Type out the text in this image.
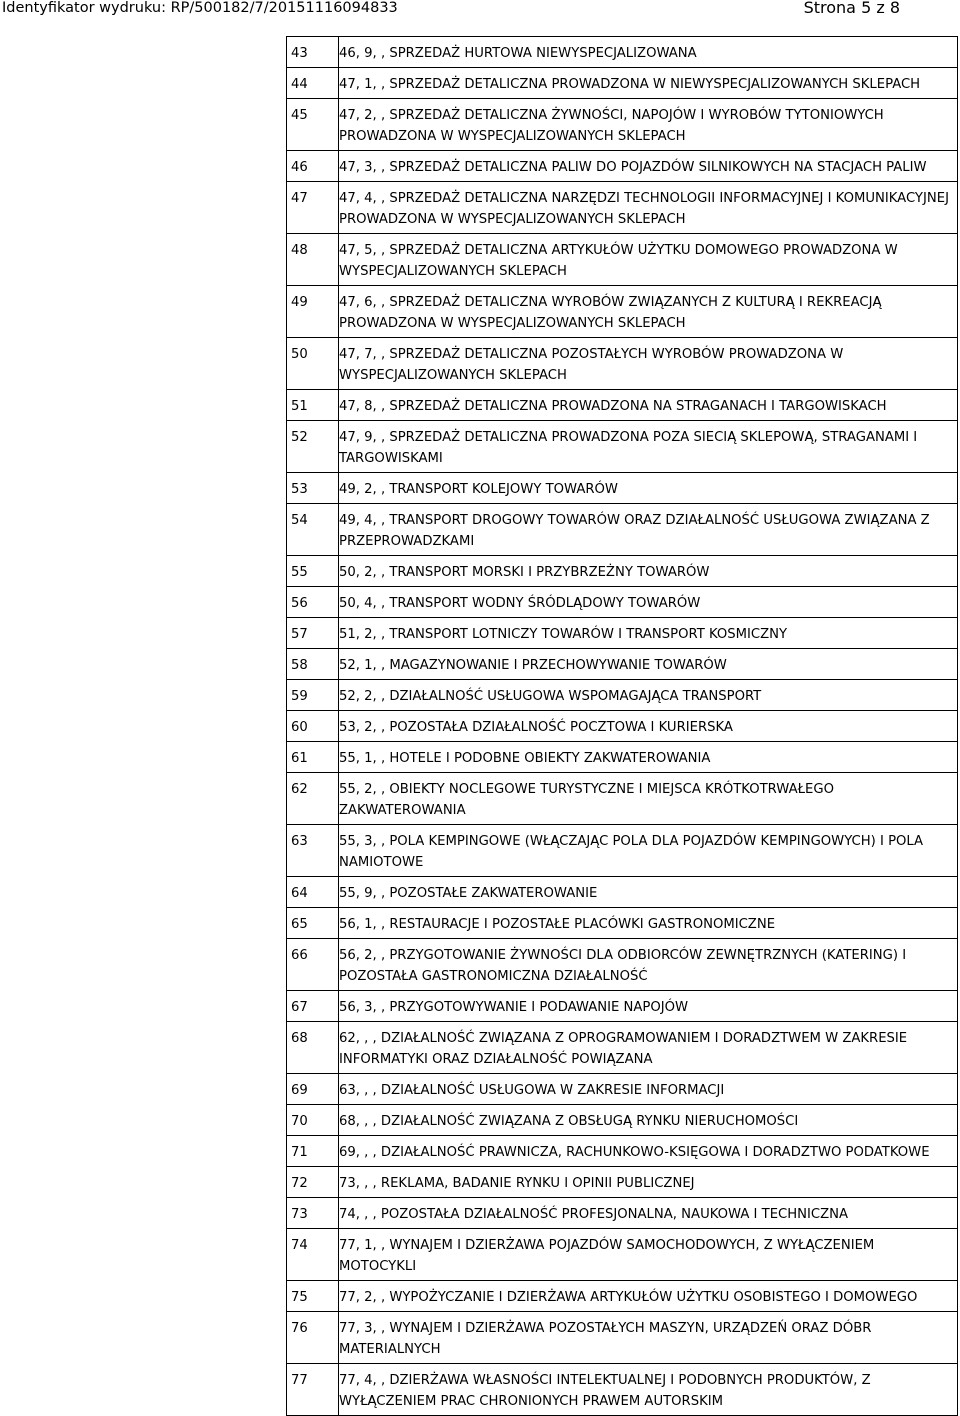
Identyfikator wydruku: RP/500182/7/20151116094833	Strona 5 z 8
43	46, 9, , SPRZEDAŻ HURTOWA NIEWYSPECJALIZOWANA
44	47, 1, , SPRZEDAŻ DETALICZNA PROWADZONA W NIEWYSPECJALIZOWANYCH SKLEPACH
45	47, 2, , SPRZEDAŻ DETALICZNA ŻYWNOŚCI, NAPOJÓW I WYROBÓW TYTONIOWYCH PROWADZONA W WYSPECJALIZOWANYCH SKLEPACH
46	47, 3, , SPRZEDAŻ DETALICZNA PALIW DO POJAZDÓW SILNIKOWYCH NA STACJACH PALIW
47	47, 4, , SPRZEDAŻ DETALICZNA NARZĘDZI TECHNOLOGII INFORMACYJNEJ I KOMUNIKACYJNEJ PROWADZONA W WYSPECJALIZOWANYCH SKLEPACH
48	47, 5, , SPRZEDAŻ DETALICZNA ARTYKUŁÓW UŻYTKU DOMOWEGO PROWADZONA W WYSPECJALIZOWANYCH SKLEPACH
49	47, 6, , SPRZEDAŻ DETALICZNA WYROBÓW ZWIĄZANYCH Z KULTURĄ I REKREACJĄ PROWADZONA W WYSPECJALIZOWANYCH SKLEPACH
50	47, 7, , SPRZEDAŻ DETALICZNA POZOSTAŁYCH WYROBÓW PROWADZONA W WYSPECJALIZOWANYCH SKLEPACH
51	47, 8, , SPRZEDAŻ DETALICZNA PROWADZONA NA STRAGANACH I TARGOWISKACH
52	47, 9, , SPRZEDAŻ DETALICZNA PROWADZONA POZA SIECIĄ SKLEPOWĄ, STRAGANAMI I TARGOWISKAMI
53	49, 2, , TRANSPORT KOLEJOWY TOWARÓW
54	49, 4, , TRANSPORT DROGOWY TOWARÓW ORAZ DZIAŁALNOŚĆ USŁUGOWA ZWIĄZANA Z PRZEPROWADZKAMI
55	50, 2, , TRANSPORT MORSKI I PRZYBRZEŻNY TOWARÓW
56	50, 4, , TRANSPORT WODNY ŚRÓDLĄDOWY TOWARÓW
57	51, 2, , TRANSPORT LOTNICZY TOWARÓW I TRANSPORT KOSMICZNY
58	52, 1, , MAGAZYNOWANIE I PRZECHOWYWANIE TOWARÓW
59	52, 2, , DZIAŁALNOŚĆ USŁUGOWA WSPOMAGAJĄCA TRANSPORT
60	53, 2, , POZOSTAŁA DZIAŁALNOŚĆ POCZTOWA I KURIERSKA
61	55, 1, , HOTELE I PODOBNE OBIEKTY ZAKWATEROWANIA
62	55, 2, , OBIEKTY NOCLEGOWE TURYSTYCZNE I MIEJSCA KRÓTKOTRWAŁEGO ZAKWATEROWANIA
63	55, 3, , POLA KEMPINGOWE (WŁĄCZAJĄC POLA DLA POJAZDÓW KEMPINGOWYCH) I POLA NAMIOTOWE
64	55, 9, , POZOSTAŁE ZAKWATEROWANIE
65	56, 1, , RESTAURACJE I POZOSTAŁE PLACÓWKI GASTRONOMICZNE
66	56, 2, , PRZYGOTOWANIE ŻYWNOŚCI DLA ODBIORCÓW ZEWNĘTRZNYCH (KATERING) I POZOSTAŁA GASTRONOMICZNA DZIAŁALNOŚĆ
67	56, 3, , PRZYGOTOWYWANIE I PODAWANIE NAPOJÓW
68	62, , , DZIAŁALNOŚĆ ZWIĄZANA Z OPROGRAMOWANIEM I DORADZTWEM W ZAKRESIE INFORMATYKI ORAZ DZIAŁALNOŚĆ POWIĄZANA
69	63, , , DZIAŁALNOŚĆ USŁUGOWA W ZAKRESIE INFORMACJI
70	68, , , DZIAŁALNOŚĆ ZWIĄZANA Z OBSŁUGĄ RYNKU NIERUCHOMOŚCI
71	69, , , DZIAŁALNOŚĆ PRAWNICZA, RACHUNKOWO-KSIĘGOWA I DORADZTWO PODATKOWE
72	73, , , REKLAMA, BADANIE RYNKU I OPINII PUBLICZNEJ
73	74, , , POZOSTAŁA DZIAŁALNOŚĆ PROFESJONALNA, NAUKOWA I TECHNICZNA
74	77, 1, , WYNAJEM I DZIERŻAWA POJAZDÓW SAMOCHODOWYCH, Z WYŁĄCZENIEM MOTOCYKLI
75	77, 2, , WYPOŻYCZANIE I DZIERŻAWA ARTYKUŁÓW UŻYTKU OSOBISTEGO I DOMOWEGO
76	77, 3, , WYNAJEM I DZIERŻAWA POZOSTAŁYCH MASZYN, URZĄDZEŃ ORAZ DÓBR MATERIALNYCH
77	77, 4, , DZIERŻAWA WŁASNOŚCI INTELEKTUALNEJ I PODOBNYCH PRODUKTÓW, Z WYŁĄCZENIEM PRAC CHRONIONYCH PRAWEM AUTORSKIM
